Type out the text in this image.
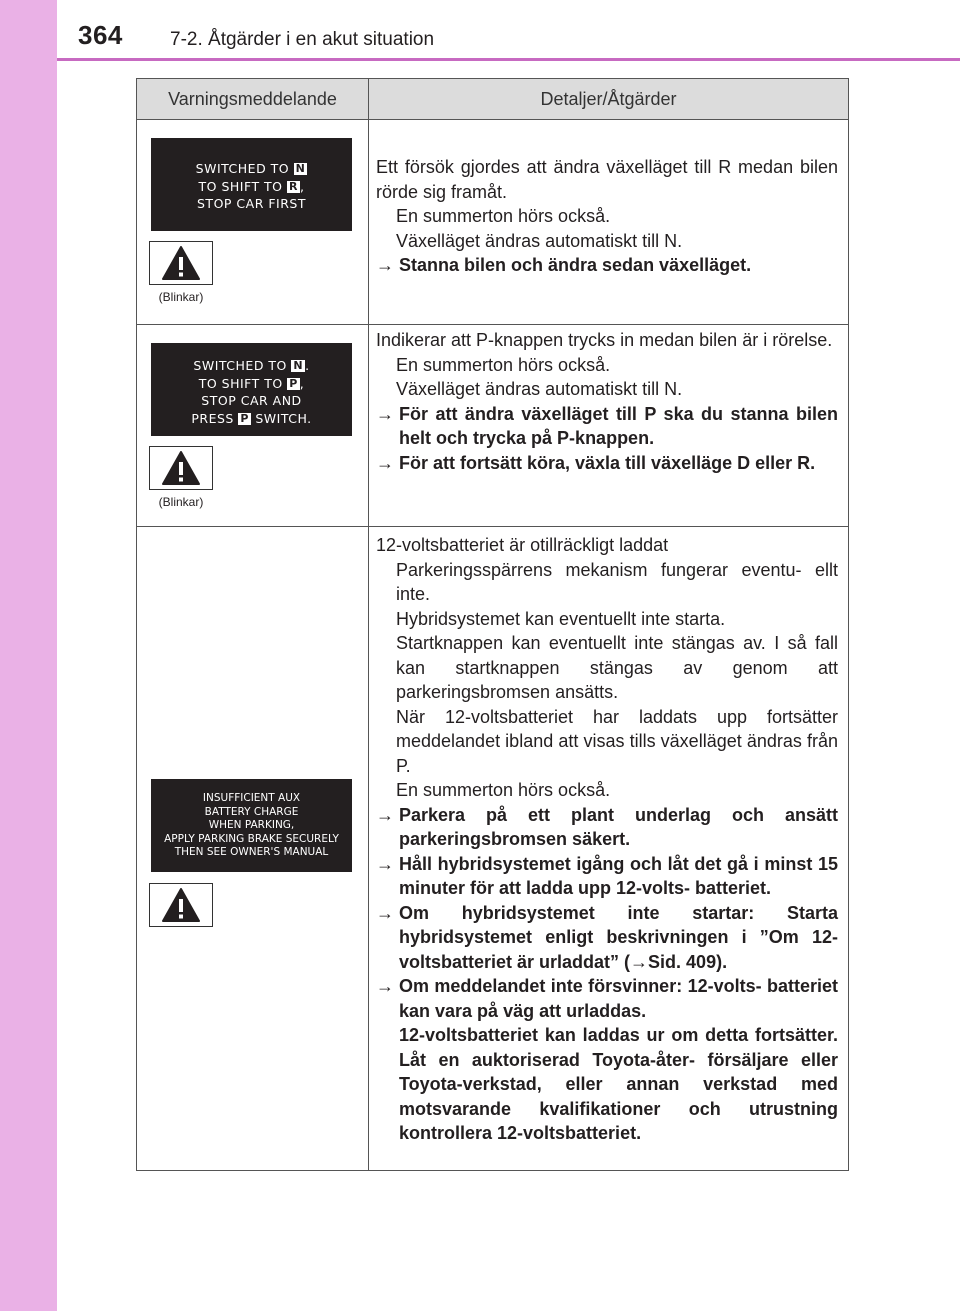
364 7-2. Åtgärder i en akut situation
Varningsmeddelande	Detaljer/Åtgärder
SWITCHED TO N
TO SHIFT TO R ,
STOP CAR FIRST
(Blinkar)

Ett försök gjordes att ändra växelläget till R medan bilen rörde sig framåt.

En summerton hörs också.

Växelläget ändras automatiskt till N.

→ Stanna bilen och ändra sedan växelläget.

SWITCHED TO N .
TO SHIFT TO P ,
STOP CAR AND
PRESS P SWITCH.
(Blinkar)

Indikerar att P-knappen trycks in medan bilen är i rörelse.

En summerton hörs också.

Växelläget ändras automatiskt till N.

→ För att ändra växelläget till P ska du stanna bilen helt och trycka på P-knappen.

→ För att fortsätt köra, växla till växelläge D eller R.

INSUFFICIENT AUX
BATTERY CHARGE
WHEN PARKING,
APPLY PARKING BRAKE SECURELY
THEN SEE OWNER'S MANUAL

12-voltsbatteriet är otillräckligt laddat

Parkeringsspärrens mekanism fungerar eventu- ellt inte.

Hybridsystemet kan eventuellt inte starta.

Startknappen kan eventuellt inte stängas av. I så fall kan startknappen stängas av genom att parkeringsbromsen ansätts.

När 12-voltsbatteriet har laddats upp fortsätter meddelandet ibland att visas tills växelläget ändras från P.

En summerton hörs också.

→ Parkera på ett plant underlag och ansätt parkeringsbromsen säkert.

→ Håll hybridsystemet igång och låt det gå i minst 15 minuter för att ladda upp 12-volts- batteriet.

→ Om hybridsystemet inte startar: Starta hybridsystemet enligt beskrivningen i ”Om 12-voltsbatteriet är urladdat” (→Sid. 409).

→ Om meddelandet inte försvinner: 12-volts- batteriet kan vara på väg att urladdas.

12-voltsbatteriet kan laddas ur om detta fortsätter. Låt en auktoriserad Toyota-åter- försäljare eller Toyota-verkstad, eller annan verkstad med motsvarande kvalifikationer och utrustning kontrollera 12-voltsbatteriet.
